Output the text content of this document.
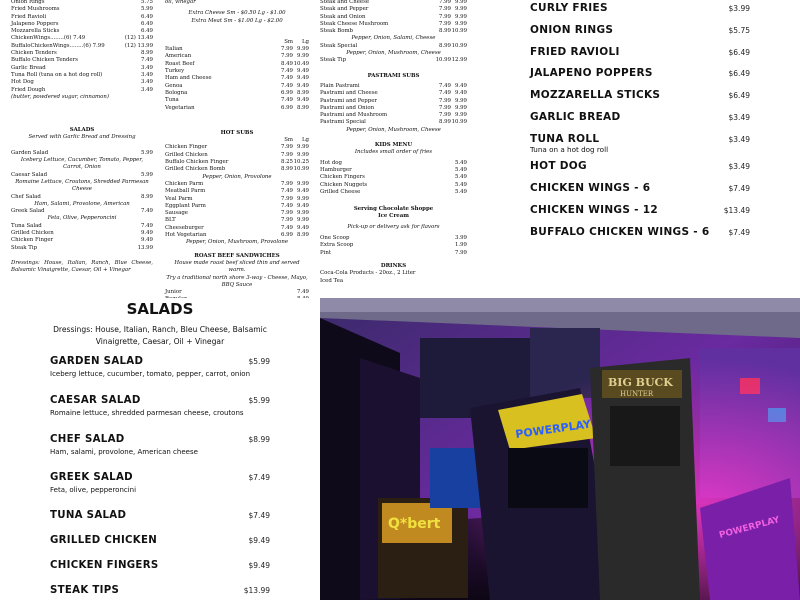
Onion Rings	5.75
Fried Mushrooms	5.99
Fried Ravioli	6.49
Jalapeno Poppers	6.49
Mozzarella Sticks	6.49
ChickenWings........(6) 7.49	(12) 13.49
BuffaloChickenWings........(6) 7.99	(12) 13.99
Chicken Tenders	8.99
Buffalo Chicken Tenders	7.49
Garlic Bread	3.49
Tuna Roll (tuna on a hot dog roll)	3.49
Hot Dog	3.49
Fried Dough	3.49
(butter, powdered sugar, cinnamon)
SALADS
Served with Garlic Bread and Dressing
Garden Salad	5.99
Iceberg Lettuce, Cucumber, Tomato, Pepper, Carrot, Onion
Caesar Salad	5.99
Romaine Lettuce, Croutons, Shredded Parmesan Cheese
Chef Salad	8.99
Ham, Salami, Provolone, American
Greek Salad	7.49
Feta, Olive, Pepperoncini
Tuna Salad	7.49
Grilled Chicken	9.49
Chicken Finger	9.49
Steak Tip	13.99
Dressings: House, Italian, Ranch, Blue Cheese, Balsamic Vinaigrette, Caesar, Oil + Vinegar
oil, vinegar
Extra Cheese Sm - $0.50 Lg - $1.00
Extra Meat Sm - $1.00 Lg - $2.00
Sm	Lg
Italian	7.99 9.99
American	7.99 9.99
Roast Beef	8.49 10.49
Turkey	7.49 9.49
Ham and Cheese	7.49 9.49
Genoa	7.49 9.49
Bologna	6.99 8.99
Tuna	7.49 9.49
Vegetarian	6.99 8.99
HOT SUBS
Sm	Lg
Chicken Finger	7.99 9.99
Grilled Chicken	7.99 9.99
Buffalo Chicken Finger	8.25 10.25
Grilled Chicken Bomb	8.99 10.99
Pepper, Onion, Provolone
Chicken Parm	7.99 9.99
Meatball Parm	7.49 9.49
Veal Parm	7.99 9.99
Eggplant Parm	7.49 9.49
Sausage	7.99 9.99
BLT	7.99 9.99
Cheeseburger	7.49 9.49
Hot Vegetarian	6.99 8.99
Pepper, Onion, Mushroom, Provolone
ROAST BEEF SANDWICHES
House made roast beef sliced thin and served warm.
Try a traditional north shore 3-way - Cheese, Mayo, BBQ Sauce
Junior	7.49
Steak and Cheese	7.99 9.99
Steak and Pepper	7.99 9.99
Steak and Onion	7.99 9.99
Steak Cheese Mushroom	7.99 9.99
Steak Bomb	8.99 10.99
Pepper, Onion, Salami, Cheese
Steak Special	8.99 10.99
Pepper, Onion, Mushroom, Cheese
Steak Tip	10.99 12.99
PASTRAMI SUBS
Plain Pastrami	7.49 9.49
Pastrami and Cheese	7.49 9.49
Pastrami and Pepper	7.99 9.99
Pastrami and Onion	7.99 9.99
Pastrami and Mushroom	7.99 9.99
Pastrami Special	8.99 10.99
Pepper, Onion, Mushroom, Cheese
KIDS MENU
Includes small order of fries
Hot dog	5.49
Hamburger	5.49
Chicken Fingers	5.49
Chicken Nuggets	5.49
Grilled Cheese	5.49
Serving Chocolate Shoppe
Ice Cream
Pick-up or delivery ask for flavors
One Scoop	3.99
Extra Scoop	1.99
Pint	7.99
DRINKS
Coca-Cola Products - 20oz., 2 Liter
Iced Tea
CURLY FRIES	$3.99
ONION RINGS	$5.75
FRIED RAVIOLI	$6.49
JALAPENO POPPERS	$6.49
MOZZARELLA STICKS	$6.49
GARLIC BREAD	$3.49
TUNA ROLL	$3.49
Tuna on a hot dog roll
HOT DOG	$3.49
CHICKEN WINGS - 6	$7.49
CHICKEN WINGS - 12	$13.49
BUFFALO CHICKEN WINGS - 6	$7.49
SALADS
Dressings: House, Italian, Ranch, Bleu Cheese, Balsamic Vinaigrette, Caesar, Oil + Vinegar
GARDEN SALAD	$5.99
Iceberg lettuce, cucumber, tomato, pepper, carrot, onion
CAESAR SALAD	$5.99
Romaine lettuce, shredded parmesan cheese, croutons
CHEF SALAD	$8.99
Ham, salami, provolone, American cheese
GREEK SALAD	$7.49
Feta, olive, pepperoncini
TUNA SALAD	$7.49
GRILLED CHICKEN	$9.49
CHICKEN FINGERS	$9.49
STEAK TIPS	$13.99
Q*bert
POWERPLAY
BIG BUCK
HUNTER
POWERPLAY
